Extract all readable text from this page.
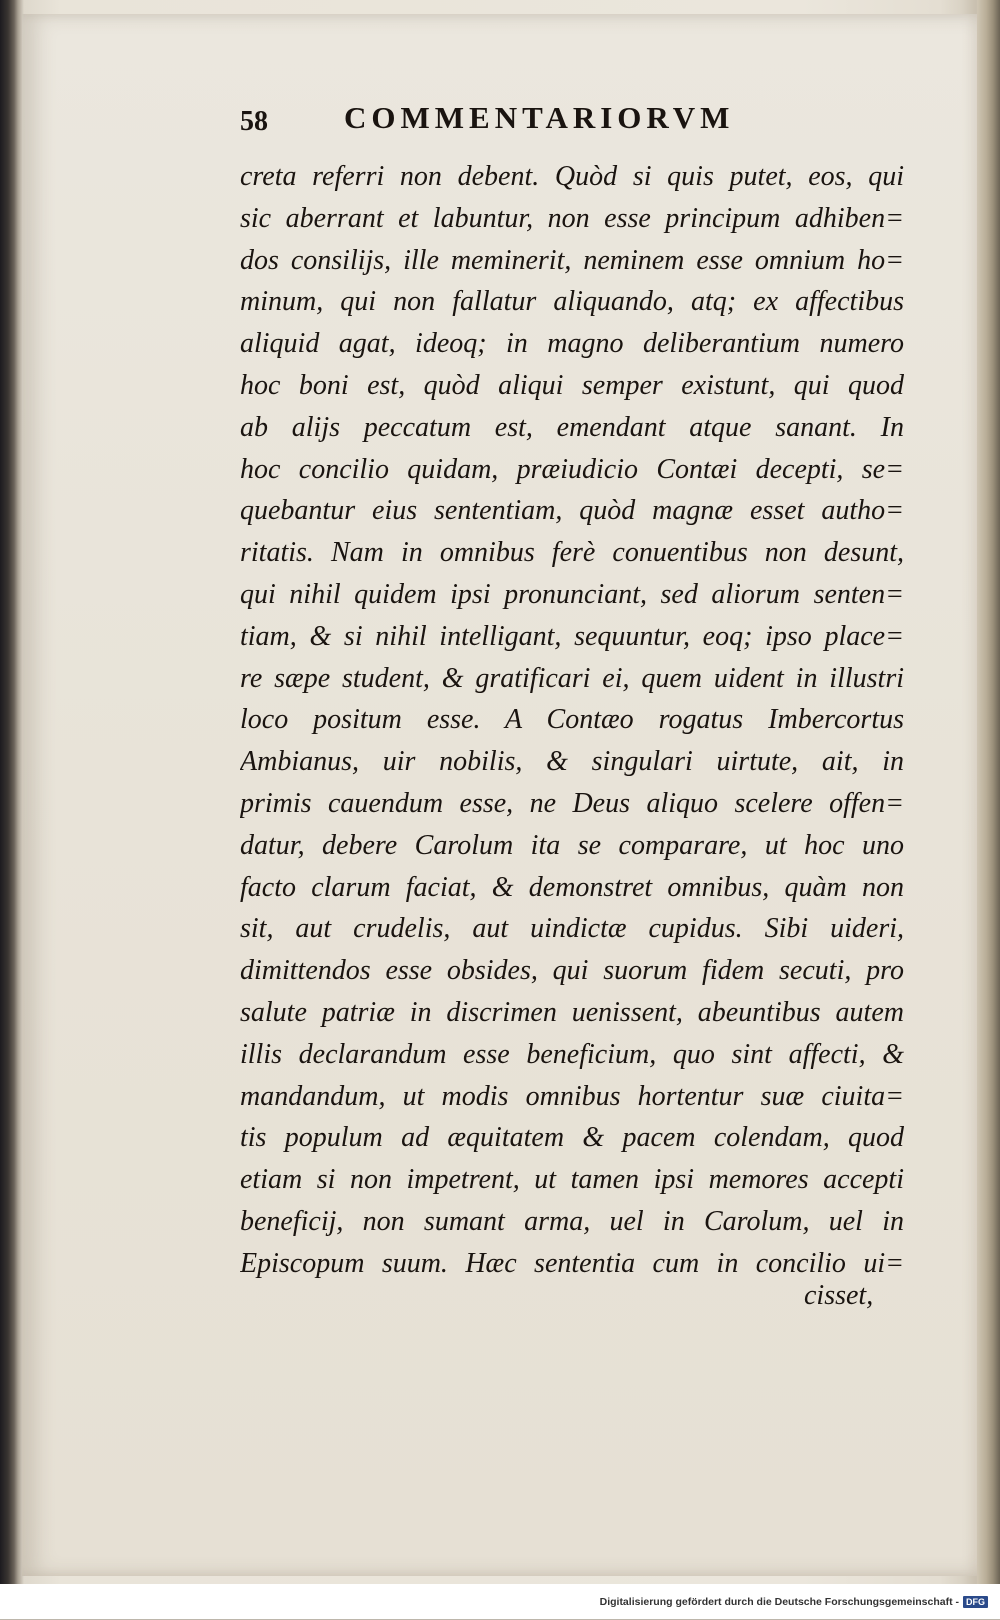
58 COMMENTARIORVM
creta referri non debent. Quòd si quis putet, eos, qui
sic aberrant et labuntur, non esse principum adhiben=
dos consilijs, ille meminerit, neminem esse omnium ho=
minum, qui non fallatur aliquando, atq; ex affectibus
aliquid agat, ideoq; in magno deliberantium numero
hoc boni est, quòd aliqui semper existunt, qui quod
ab alijs peccatum est, emendant atque sanant. In
hoc concilio quidam, præiudicio Contæi decepti, se=
quebantur eius sententiam, quòd magnæ esset autho=
ritatis. Nam in omnibus ferè conuentibus non desunt,
qui nihil quidem ipsi pronunciant, sed aliorum senten=
tiam, & si nihil intelligant, sequuntur, eoq; ipso place=
re sæpe student, & gratificari ei, quem uident in illustri
loco positum esse. A Contæo rogatus Imbercortus
Ambianus, uir nobilis, & singulari uirtute, ait, in
primis cauendum esse, ne Deus aliquo scelere offen=
datur, debere Carolum ita se comparare, ut hoc uno
facto clarum faciat, & demonstret omnibus, quàm non
sit, aut crudelis, aut uindictæ cupidus. Sibi uideri,
dimittendos esse obsides, qui suorum fidem secuti, pro
salute patriæ in discrimen uenissent, abeuntibus autem
illis declarandum esse beneficium, quo sint affecti, &
mandandum, ut modis omnibus hortentur suæ ciuita=
tis populum ad æquitatem & pacem colendam, quod
etiam si non impetrent, ut tamen ipsi memores accepti
beneficij, non sumant arma, uel in Carolum, uel in
Episcopum suum. Hæc sententia cum in concilio ui=
cisset,
Digitalisierung gefördert durch die Deutsche Forschungsgemeinschaft - DFG
